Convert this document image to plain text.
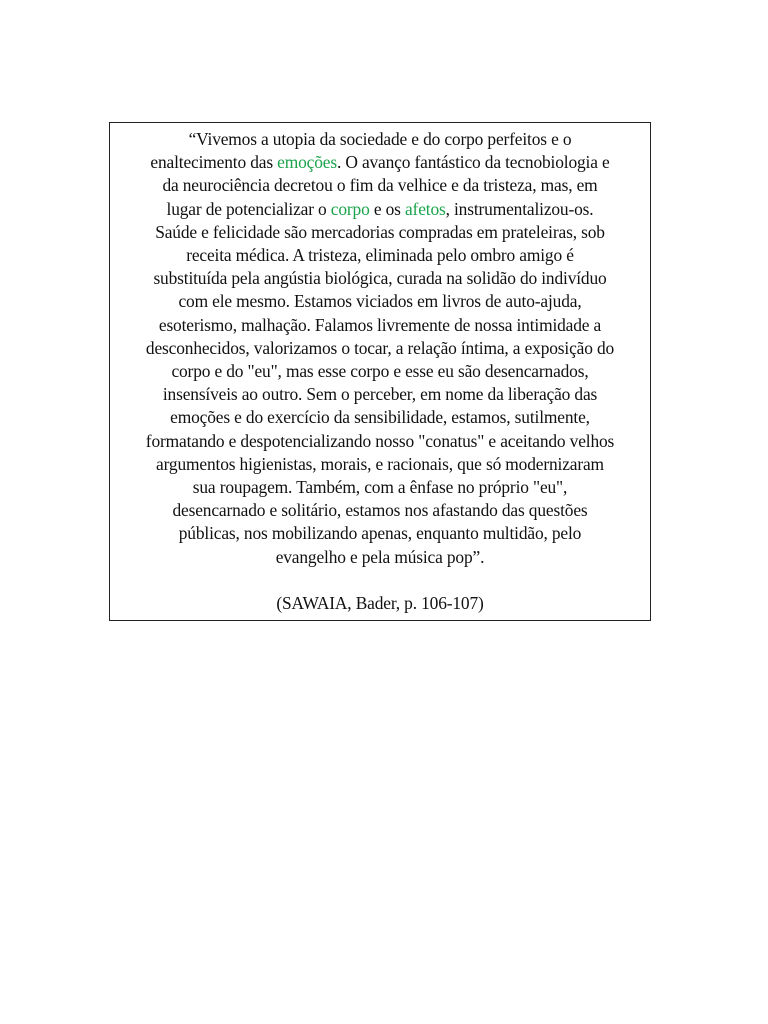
“Vivemos a utopia da sociedade e do corpo perfeitos e o
enaltecimento das emoções. O avanço fantástico da tecnobiologia e
da neurociência decretou o fim da velhice e da tristeza, mas, em
lugar de potencializar o corpo e os afetos, instrumentalizou-os.
Saúde e felicidade são mercadorias compradas em prateleiras, sob
receita médica. A tristeza, eliminada pelo ombro amigo é
substituída pela angústia biológica, curada na solidão do indivíduo
com ele mesmo. Estamos viciados em livros de auto-ajuda,
esoterismo, malhação. Falamos livremente de nossa intimidade a
desconhecidos, valorizamos o tocar, a relação íntima, a exposição do
corpo e do "eu", mas esse corpo e esse eu são desencarnados,
insensíveis ao outro. Sem o perceber, em nome da liberação das
emoções e do exercício da sensibilidade, estamos, sutilmente,
formatando e despotencializando nosso "conatus" e aceitando velhos
argumentos higienistas, morais, e racionais, que só modernizaram
sua roupagem. Também, com a ênfase no próprio "eu",
desencarnado e solitário, estamos nos afastando das questões
públicas, nos mobilizando apenas, enquanto multidão, pelo
evangelho e pela música pop”.

(SAWAIA, Bader, p. 106-107)
